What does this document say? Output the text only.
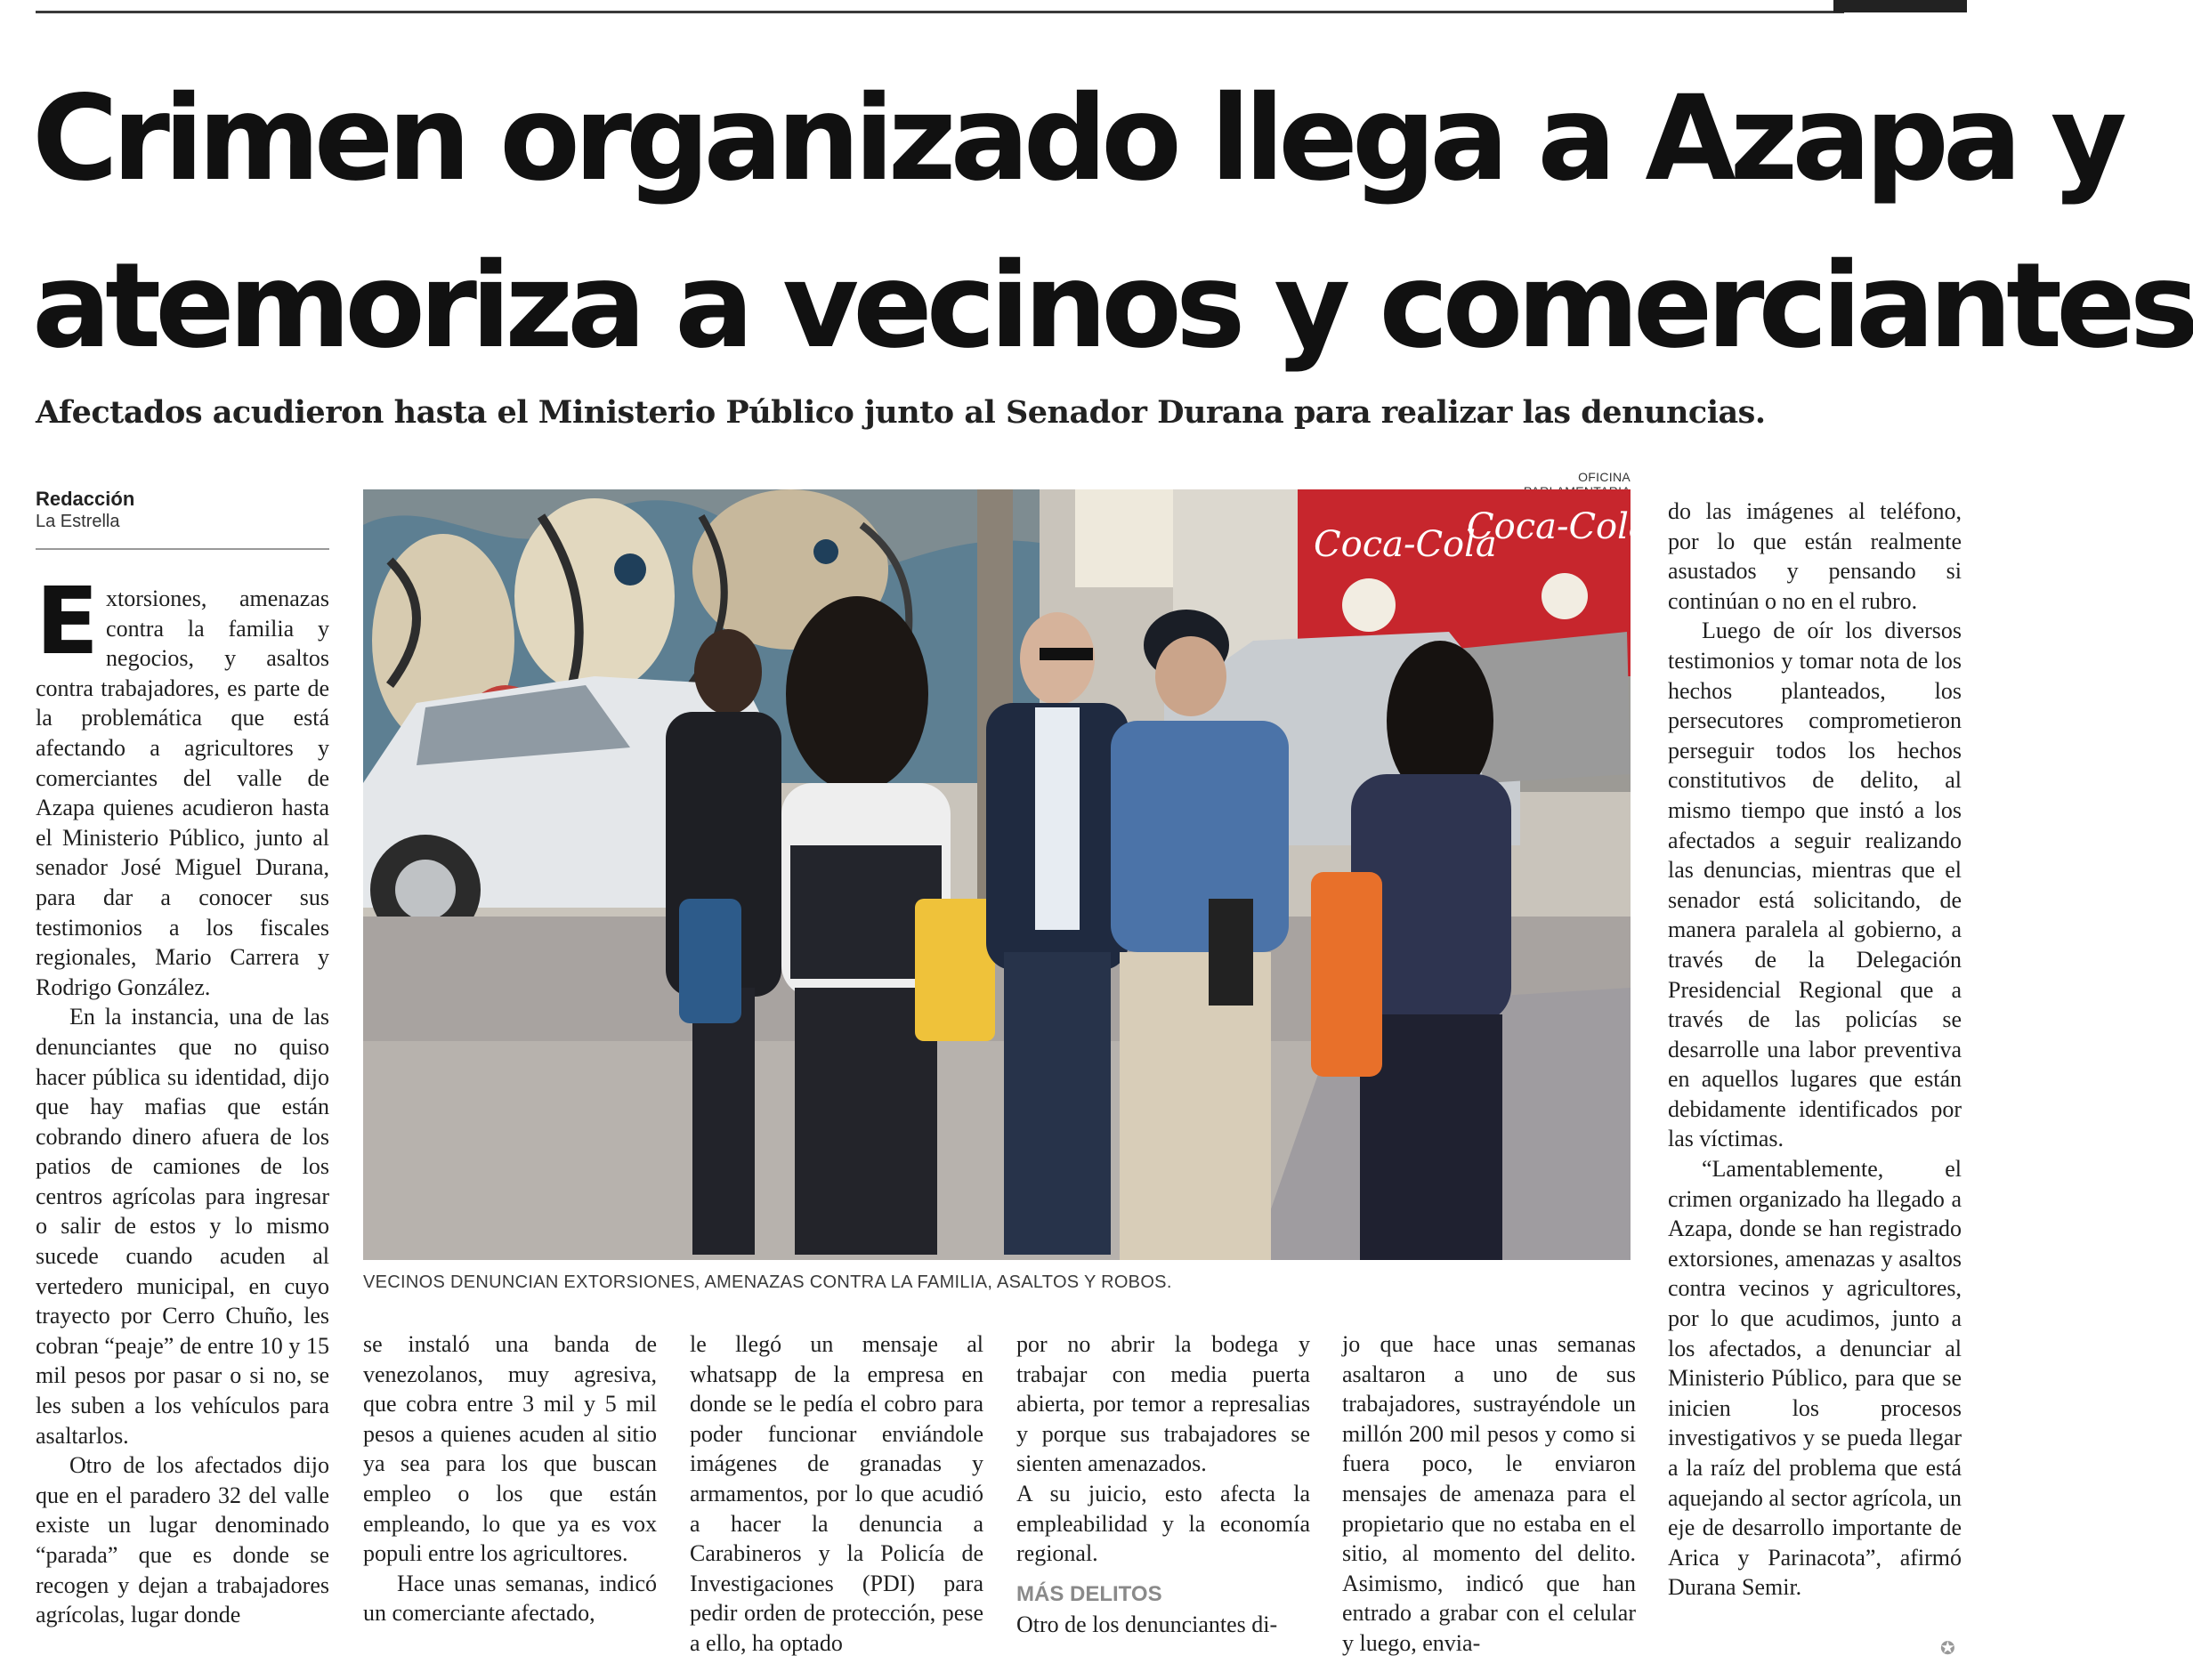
Crimen organizado llega a Azapa y
atemoriza a vecinos y comerciantes
Afectados acudieron hasta el Ministerio Público junto al Senador Durana para realizar las denuncias.
Redacción
La Estrella

Extorsiones, amenazas contra la familia y negocios, y asaltos contra trabajadores, es parte de la problemática que está afectando a agricultores y comerciantes del valle de Azapa quienes acudieron hasta el Ministerio Público, junto al senador José Miguel Durana, para dar a conocer sus testimonios a los fiscales regionales, Mario Carrera y Rodrigo González.

En la instancia, una de las denunciantes que no quiso hacer pública su identidad, dijo que hay mafias que están cobrando dinero afuera de los patios de camiones de los centros agrícolas para ingresar o salir de estos y lo mismo sucede cuando acuden al vertedero municipal, en cuyo trayecto por Cerro Chuño, les cobran “peaje” de entre 10 y 15 mil pesos por pasar o si no, se les suben a los vehículos para asaltarlos.

Otro de los afectados dijo que en el paradero 32 del valle existe un lugar denominado “parada” que es donde se recogen y dejan a trabajadores agrícolas, lugar donde

OFICINA
Coca-Cola
Coca-Cola
VECINOS DENUNCIAN EXTORSIONES, AMENAZAS CONTRA LA FAMILIA, ASALTOS Y ROBOS.

se instaló una banda de venezolanos, muy agresiva, que cobra entre 3 mil y 5 mil pesos a quienes acuden al sitio ya sea para los que buscan empleo o los que están empleando, lo que ya es vox populi entre los agricultores.

Hace unas semanas, indicó un comerciante afectado,

le llegó un mensaje al whatsapp de la empresa en donde se le pedía el cobro para poder funcionar enviándole imágenes de granadas y armamentos, por lo que acudió a hacer la denuncia a Carabineros y la Policía de Investigaciones (PDI) para pedir orden de protección, pese a ello, ha optado

por no abrir la bodega y trabajar con media puerta abierta, por temor a represalias y porque sus trabajadores se sienten amenazados.

A su juicio, esto afecta la empleabilidad y la economía regional.

MÁS DELITOS

Otro de los denunciantes di-

jo que hace unas semanas asaltaron a uno de sus trabajadores, sustrayéndole un millón 200 mil pesos y como si fuera poco, le enviaron mensajes de amenaza para el propietario que no estaba en el sitio, al momento del delito. Asimismo, indicó que han entrado a grabar con el celular y luego, envia-

do las imágenes al teléfono, por lo que están realmente asustados y pensando si continúan o no en el rubro.

Luego de oír los diversos testimonios y tomar nota de los hechos planteados, los persecutores comprometieron perseguir todos los hechos constitutivos de delito, al mismo tiempo que instó a los afectados a seguir realizando las denuncias, mientras que el senador está solicitando, de manera paralela al gobierno, a través de la Delegación Presidencial Regional que a través de las policías se desarrolle una labor preventiva en aquellos lugares que están debidamente identificados por las víctimas.

“Lamentablemente, el crimen organizado ha llegado a Azapa, donde se han registrado extorsiones, amenazas y asaltos contra vecinos y agricultores, por lo que acudimos, junto a los afectados, a denunciar al Ministerio Público, para que se inicien los procesos investigativos y se pueda llegar a la raíz del problema que está aquejando al sector agrícola, un eje de desarrollo importante de Arica y Parinacota”, afirmó Durana Semir.

✪
